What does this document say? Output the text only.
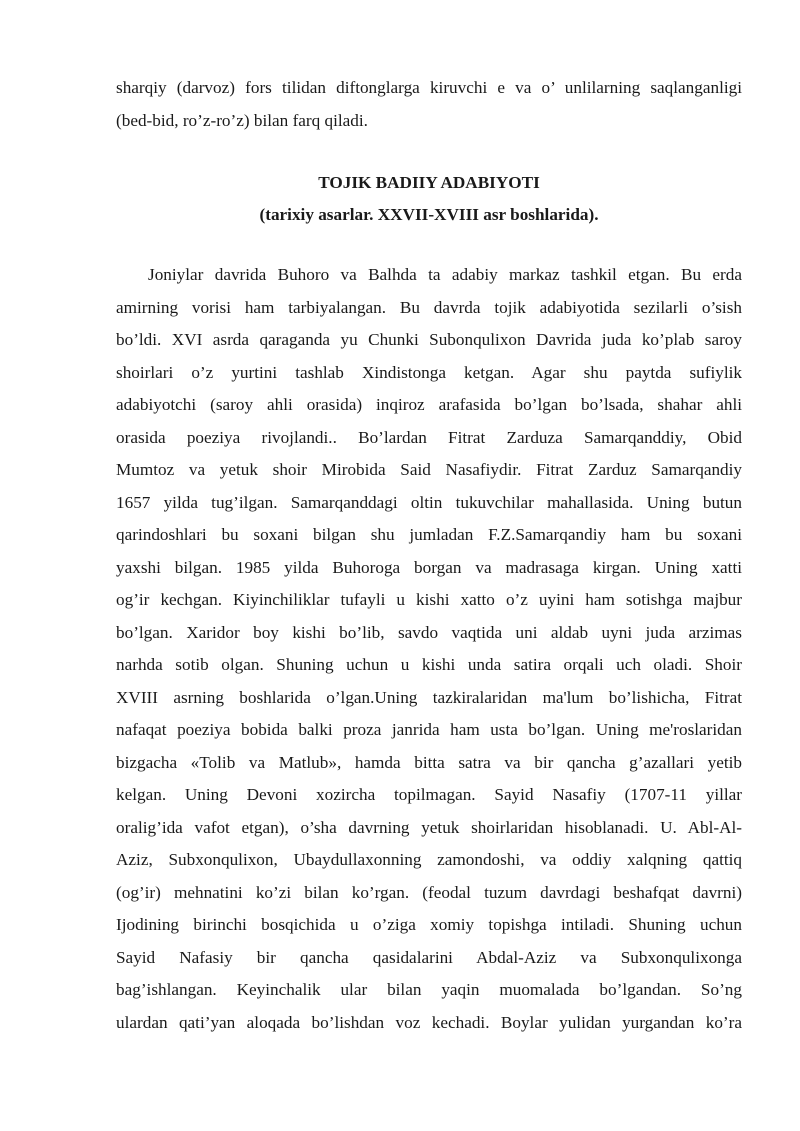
sharqiy (darvoz) fors tilidan diftonglarga kiruvchi e va o’ unlilarning saqlanganligi
(bed-bid, ro’z-ro’z) bilan farq qiladi.
TOJIK BADIIY ADABIYOTI
(tarixiy asarlar. XXVII-XVIII asr boshlarida).
Joniylar davrida Buhoro va Balhda ta adabiy markaz tashkil etgan. Bu erda
amirning vorisi ham tarbiyalangan. Bu davrda tojik adabiyotida sezilarli o’sish
bo’ldi. XVI asrda qaraganda yu Chunki Subonqulixon Davrida juda ko’plab saroy
shoirlari o’z yurtini tashlab Xindistonga ketgan. Agar shu paytda sufiylik
adabiyotchi (saroy ahli orasida) inqiroz arafasida bo’lgan bo’lsada, shahar ahli
orasida poeziya rivojlandi.. Bo’lardan Fitrat Zarduza Samarqanddiy, Obid
Mumtoz va yetuk shoir Mirobida Said Nasafiydir. Fitrat Zarduz Samarqandiy
1657 yilda tug’ilgan. Samarqanddagi oltin tukuvchilar mahallasida. Uning butun
qarindoshlari bu soxani bilgan shu jumladan F.Z.Samarqandiy ham bu soxani
yaxshi bilgan. 1985 yilda Buhoroga borgan va madrasaga kirgan. Uning xatti
og’ir kechgan. Kiyinchiliklar tufayli u kishi xatto o’z uyini ham sotishga majbur
bo’lgan. Xaridor boy kishi bo’lib, savdo vaqtida uni aldab uyni juda arzimas
narhda sotib olgan. Shuning uchun u kishi unda satira orqali uch oladi. Shoir
XVIII asrning boshlarida o’lgan.Uning tazkiralaridan ma'lum bo’lishicha, Fitrat
nafaqat poeziya bobida balki proza janrida ham usta bo’lgan. Uning me'roslaridan
bizgacha «Tolib va Matlub», hamda bitta satra va bir qancha g’azallari yetib
kelgan. Uning Devoni xozircha topilmagan. Sayid Nasafiy (1707-11 yillar
oralig’ida vafot etgan), o’sha davrning yetuk shoirlaridan hisoblanadi. U. Abl-Al-
Aziz, Subxonqulixon, Ubaydullaxonning zamondoshi, va oddiy xalqning qattiq
(og’ir) mehnatini ko’zi bilan ko’rgan. (feodal tuzum davrdagi beshafqat davrni)
Ijodining birinchi bosqichida u o’ziga xomiy topishga intiladi. Shuning uchun
Sayid Nafasiy bir qancha qasidalarini Abdal-Aziz va Subxonqulixonga
bag’ishlangan. Keyinchalik ular bilan yaqin muomalada bo’lgandan. So’ng
ulardan qati’yan aloqada bo’lishdan voz kechadi. Boylar yulidan yurgandan ko’ra
